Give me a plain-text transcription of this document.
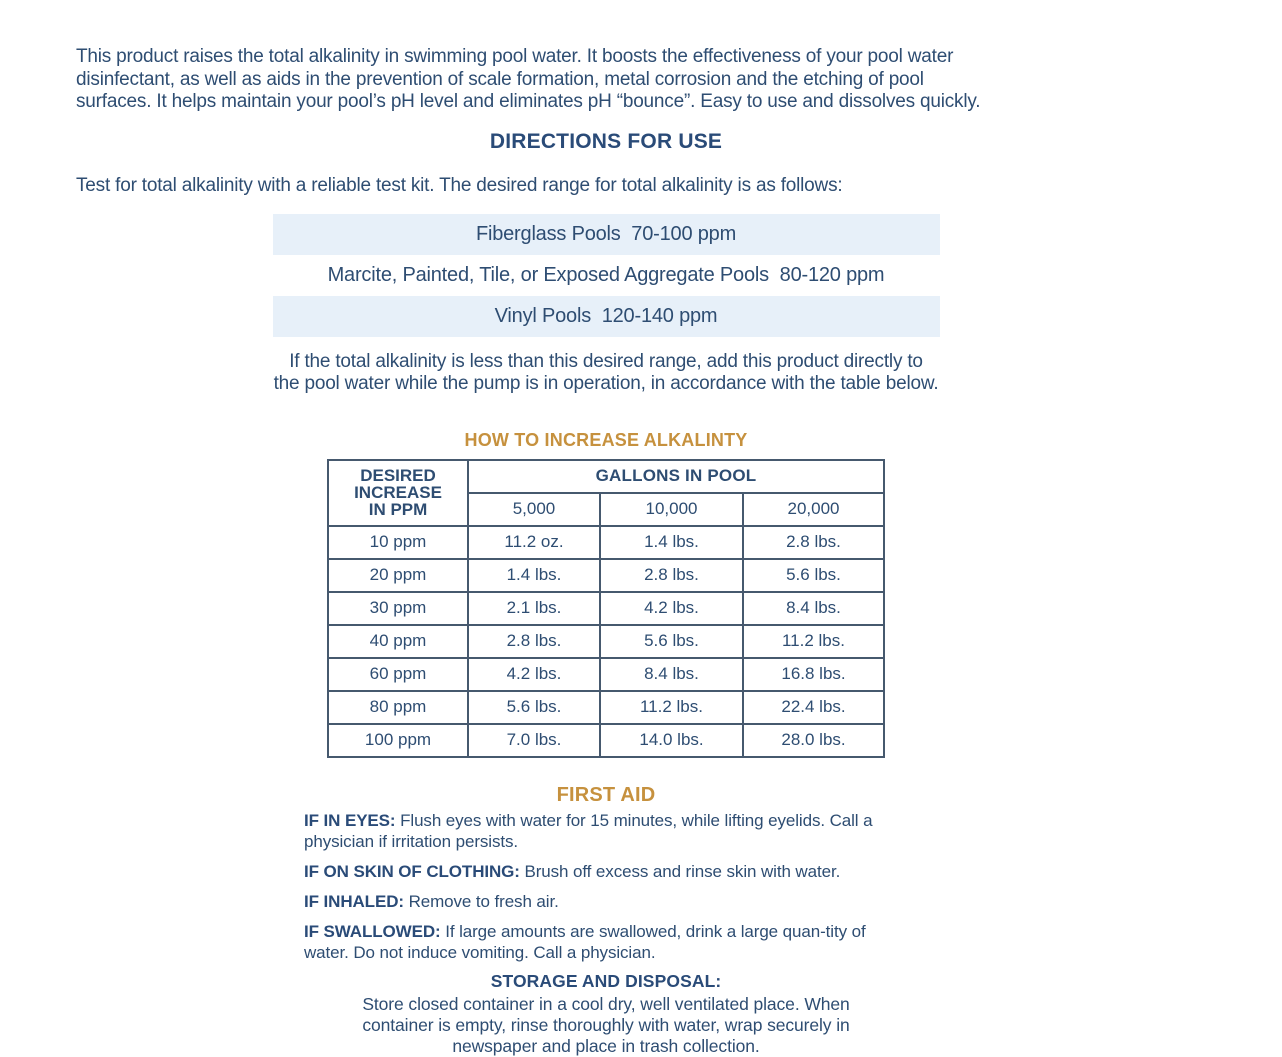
This product raises the total alkalinity in swimming pool water. It boosts the effectiveness of your pool water
disinfectant, as well as aids in the prevention of scale formation, metal corrosion and the etching of pool
surfaces. It helps maintain your pool’s pH level and eliminates pH “bounce”. Easy to use and dissolves quickly.

DIRECTIONS FOR USE

Test for total alkalinity with a reliable test kit. The desired range for total alkalinity is as follows:

Fiberglass Pools  70-100 ppm
Marcite, Painted, Tile, or Exposed Aggregate Pools  80-120 ppm
Vinyl Pools  120-140 ppm

If the total alkalinity is less than this desired range, add this product directly to
the pool water while the pump is in operation, in accordance with the table below.

HOW TO INCREASE ALKALINTY
DESIRED
INCREASE
IN PPM	GALLONS IN POOL		
	5,000	10,000	20,000
10 ppm	11.2 oz.	1.4 lbs.	2.8 lbs.
20 ppm	1.4 lbs.	2.8 lbs.	5.6 lbs.
30 ppm	2.1 lbs.	4.2 lbs.	8.4 lbs.
40 ppm	2.8 lbs.	5.6 lbs.	11.2 lbs.
60 ppm	4.2 lbs.	8.4 lbs.	16.8 lbs.
80 ppm	5.6 lbs.	11.2 lbs.	22.4 lbs.
100 ppm	7.0 lbs.	14.0 lbs.	28.0 lbs.
FIRST AID

IF IN EYES: Flush eyes with water for 15 minutes, while lifting eyelids. Call a physician if irritation persists.

IF ON SKIN OF CLOTHING: Brush off excess and rinse skin with water.

IF INHALED: Remove to fresh air.

IF SWALLOWED: If large amounts are swallowed, drink a large quan-tity of water. Do not induce vomiting. Call a physician.

STORAGE AND DISPOSAL:

Store closed container in a cool dry, well ventilated place. When
container is empty, rinse thoroughly with water, wrap securely in
newspaper and place in trash collection.
